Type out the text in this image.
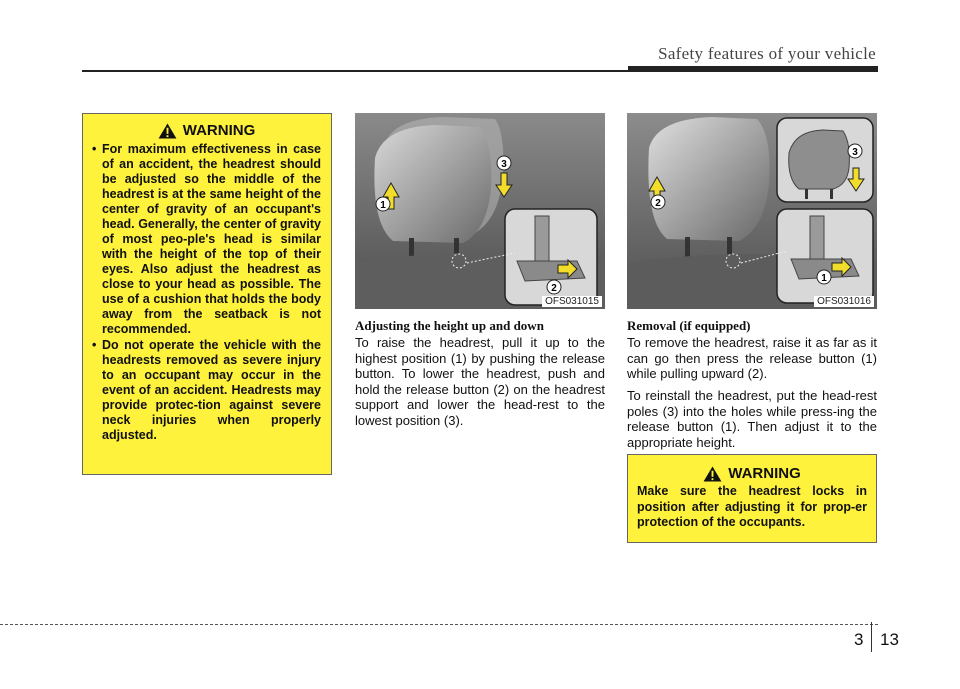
Safety features of your vehicle
WARNING
• For maximum effectiveness in case of an accident, the headrest should be adjusted so the middle of the headrest is at the same height of the center of gravity of an occupant's head. Generally, the center of gravity of most peo-ple's head is similar with the height of the top of their eyes. Also adjust the headrest as close to your head as possible. The use of a cushion that holds the body away from the seatback is not recommended.
• Do not operate the vehicle with the headrests removed as severe injury to an occupant may occur in the event of an accident. Headrests may provide protec-tion against severe neck injuries when properly adjusted.
1
3
2
OFS031015
2
3
1
OFS031016
Adjusting the height up and down

To raise the headrest, pull it up to the highest position (1) by pushing the release button. To lower the headrest, push and hold the release button (2) on the headrest support and lower the head-rest to the lowest position (3).

Removal (if equipped)

To remove the headrest, raise it as far as it can go then press the release button (1) while pulling upward (2).

To reinstall the headrest, put the head-rest poles (3) into the holes while press-ing the release button (1). Then adjust it to the appropriate height.

WARNING
Make sure the headrest locks in position after adjusting it for prop-er protection of the occupants.
3 13
